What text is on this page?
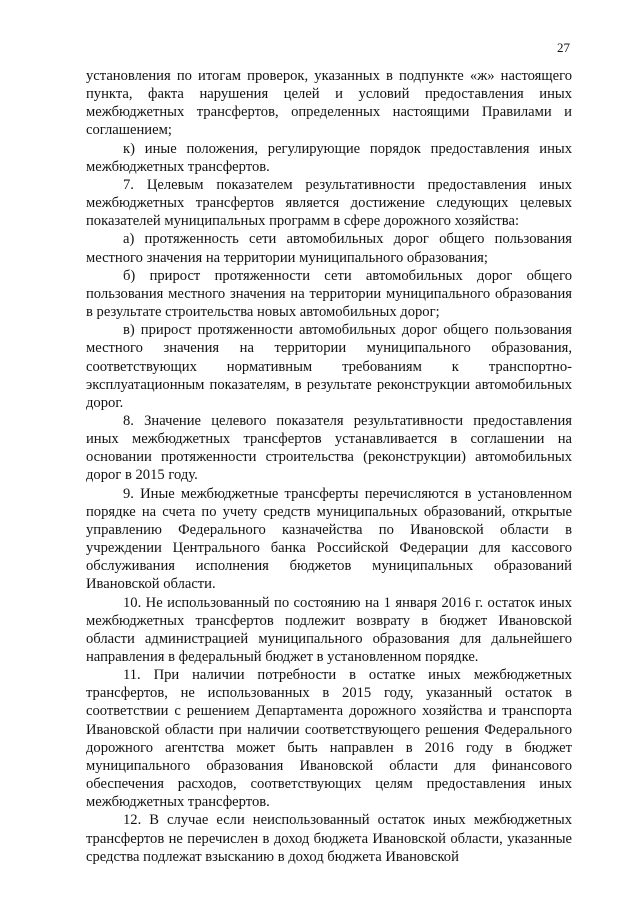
27

установления по итогам проверок, указанных в подпункте «ж» настоящего пункта, факта нарушения целей и условий предоставления иных межбюджетных трансфертов, определенных настоящими Правилами и соглашением;

к) иные положения, регулирующие порядок предоставления иных межбюджетных трансфертов.

7. Целевым показателем результативности предоставления иных межбюджетных трансфертов является достижение следующих целевых показателей муниципальных программ в сфере дорожного хозяйства:

а) протяженность сети автомобильных дорог общего пользования местного значения на территории муниципального образования;

б) прирост протяженности сети автомобильных дорог общего пользования местного значения на территории муниципального образования в результате строительства новых автомобильных дорог;

в) прирост протяженности автомобильных дорог общего пользования местного значения на территории муниципального образования, соответствующих нормативным требованиям к транспортно-эксплуатационным показателям, в результате реконструкции автомобильных дорог.

8. Значение целевого показателя результативности предоставления иных межбюджетных трансфертов устанавливается в соглашении на основании протяженности строительства (реконструкции) автомобильных дорог в 2015 году.

9. Иные межбюджетные трансферты перечисляются в установленном порядке на счета по учету средств муниципальных образований, открытые управлению Федерального казначейства по Ивановской области в учреждении Центрального банка Российской Федерации для кассового обслуживания исполнения бюджетов муниципальных образований Ивановской области.

10. Не использованный по состоянию на 1 января 2016 г. остаток иных межбюджетных трансфертов подлежит возврату в бюджет Ивановской области администрацией муниципального образования для дальнейшего направления в федеральный бюджет в установленном порядке.

11. При наличии потребности в остатке иных межбюджетных трансфертов, не использованных в 2015 году, указанный остаток в соответствии с решением Департамента дорожного хозяйства и транспорта Ивановской области при наличии соответствующего решения Федерального дорожного агентства может быть направлен в 2016 году в бюджет муниципального образования Ивановской области для финансового обеспечения расходов, соответствующих целям предоставления иных межбюджетных трансфертов.

12. В случае если неиспользованный остаток иных межбюджетных трансфертов не перечислен в доход бюджета Ивановской области, указанные средства подлежат взысканию в доход бюджета Ивановской
